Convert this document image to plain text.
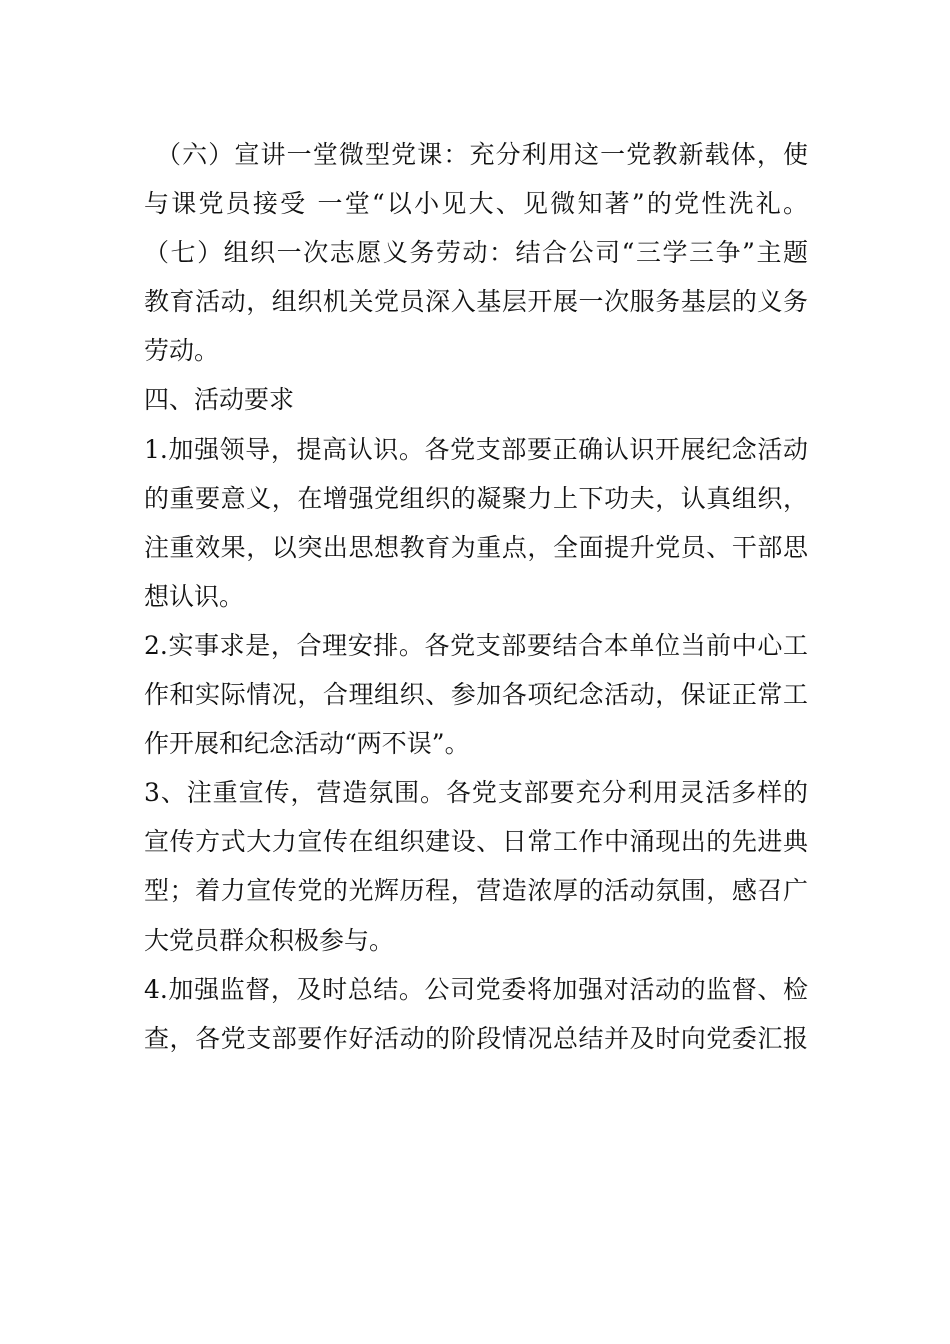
（六）宣讲一堂微型党课：充分利用这一党教新载体，使
与课党员接受 一堂“以小见大、见微知著”的党性洗礼。
（七）组织一次志愿义务劳动：结合公司“三学三争”主题
教育活动，组织机关党员深入基层开展一次服务基层的义务
劳动。
四、活动要求
1.加强领导，提高认识。各党支部要正确认识开展纪念活动
的重要意义，在增强党组织的凝聚力上下功夫，认真组织，
注重效果，以突出思想教育为重点，全面提升党员、干部思
想认识。
2.实事求是，合理安排。各党支部要结合本单位当前中心工
作和实际情况，合理组织、参加各项纪念活动，保证正常工
作开展和纪念活动“两不误”。
3、注重宣传，营造氛围。各党支部要充分利用灵活多样的
宣传方式大力宣传在组织建设、日常工作中涌现出的先进典
型；着力宣传党的光辉历程，营造浓厚的活动氛围，感召广
大党员群众积极参与。
4.加强监督，及时总结。公司党委将加强对活动的监督、检
查，各党支部要作好活动的阶段情况总结并及时向党委汇报
